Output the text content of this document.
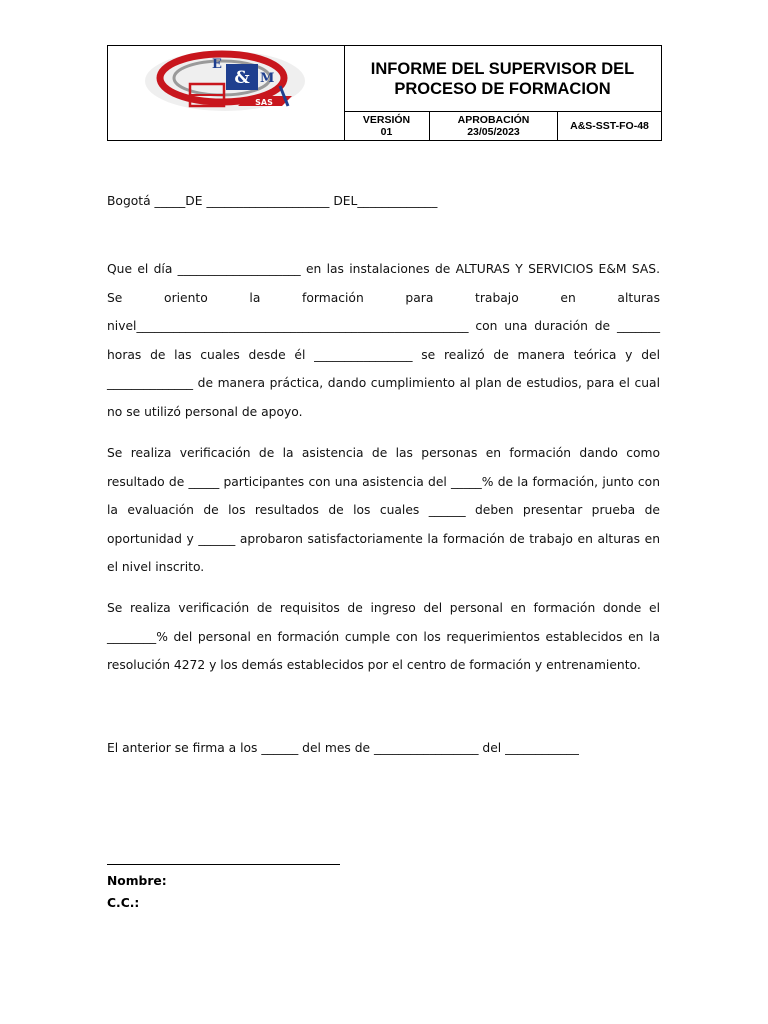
&
E
M
SAS
INFORME DEL SUPERVISOR DEL PROCESO DE FORMACION
VERSIÓN
01
APROBACIÓN
23/05/2023	A&S-SST-FO-48

Bogotá _____DE ____________________ DEL_____________

Que el día ____________________ en las instalaciones de ALTURAS Y SERVICIOS E&M SAS. Se oriento la formación para trabajo en alturas nivel______________________________________________________ con una duración de _______ horas de las cuales desde él ________________ se realizó de manera teórica y del ______________ de manera práctica, dando cumplimiento al plan de estudios, para el cual no se utilizó personal de apoyo.

Se realiza verificación de la asistencia de las personas en formación dando como resultado de _____ participantes con una asistencia del _____% de la formación, junto con la evaluación de los resultados de los cuales ______ deben presentar prueba de oportunidad y ______ aprobaron satisfactoriamente la formación de trabajo en alturas en el nivel inscrito.

Se realiza verificación de requisitos de ingreso del personal en formación donde el ________% del personal en formación cumple con los requerimientos establecidos en la resolución 4272 y los demás establecidos por el centro de formación y entrenamiento.

El anterior se firma a los ______ del mes de _________________ del ____________

Nombre:
C.C.:
